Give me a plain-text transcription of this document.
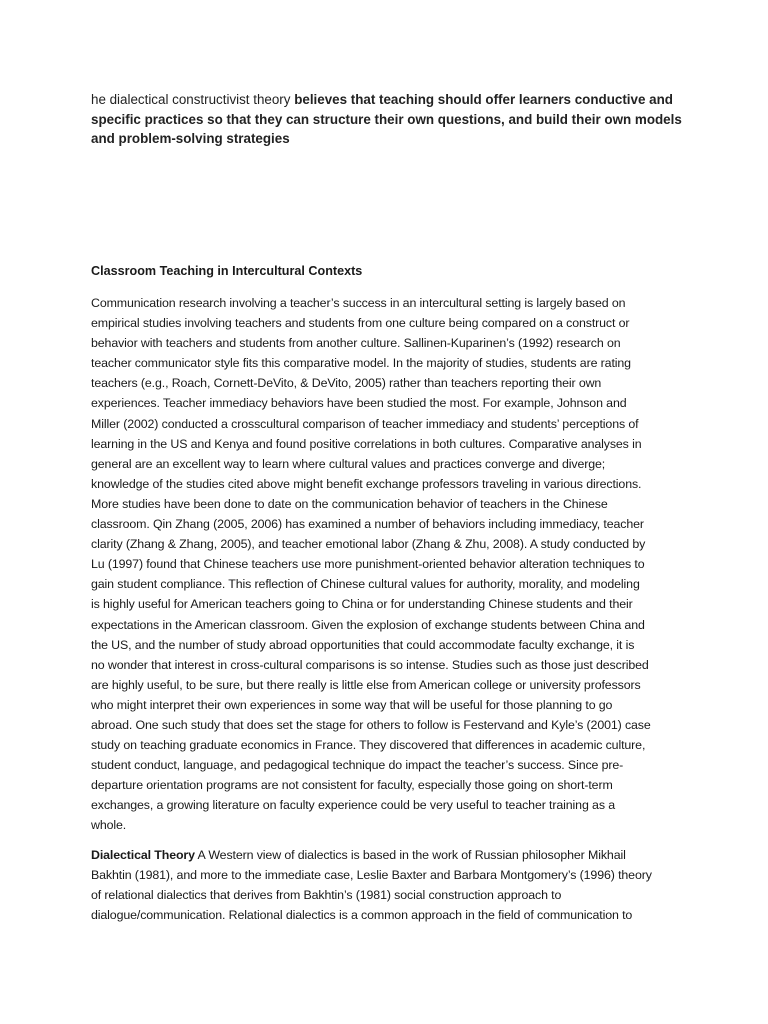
he dialectical constructivist theory believes that teaching should offer learners conductive and specific practices so that they can structure their own questions, and build their own models and problem-solving strategies

Classroom Teaching in Intercultural Contexts

Communication research involving a teacher’s success in an intercultural setting is largely based on
empirical studies involving teachers and students from one culture being compared on a construct or
behavior with teachers and students from another culture. Sallinen-Kuparinen’s (1992) research on
teacher communicator style fits this comparative model. In the majority of studies, students are rating
teachers (e.g., Roach, Cornett-DeVito, & DeVito, 2005) rather than teachers reporting their own
experiences. Teacher immediacy behaviors have been studied the most. For example, Johnson and
Miller (2002) conducted a crosscultural comparison of teacher immediacy and students’ perceptions of
learning in the US and Kenya and found positive correlations in both cultures. Comparative analyses in
general are an excellent way to learn where cultural values and practices converge and diverge;
knowledge of the studies cited above might benefit exchange professors traveling in various directions.
More studies have been done to date on the communication behavior of teachers in the Chinese
classroom. Qin Zhang (2005, 2006) has examined a number of behaviors including immediacy, teacher
clarity (Zhang & Zhang, 2005), and teacher emotional labor (Zhang & Zhu, 2008). A study conducted by
Lu (1997) found that Chinese teachers use more punishment-oriented behavior alteration techniques to
gain student compliance. This reflection of Chinese cultural values for authority, morality, and modeling
is highly useful for American teachers going to China or for understanding Chinese students and their
expectations in the American classroom. Given the explosion of exchange students between China and
the US, and the number of study abroad opportunities that could accommodate faculty exchange, it is
no wonder that interest in cross-cultural comparisons is so intense. Studies such as those just described
are highly useful, to be sure, but there really is little else from American college or university professors
who might interpret their own experiences in some way that will be useful for those planning to go
abroad. One such study that does set the stage for others to follow is Festervand and Kyle’s (2001) case
study on teaching graduate economics in France. They discovered that differences in academic culture,
student conduct, language, and pedagogical technique do impact the teacher’s success. Since pre-
departure orientation programs are not consistent for faculty, especially those going on short-term
exchanges, a growing literature on faculty experience could be very useful to teacher training as a
whole.

Dialectical Theory A Western view of dialectics is based in the work of Russian philosopher Mikhail
Bakhtin (1981), and more to the immediate case, Leslie Baxter and Barbara Montgomery’s (1996) theory
of relational dialectics that derives from Bakhtin’s (1981) social construction approach to
dialogue/communication. Relational dialectics is a common approach in the field of communication to
